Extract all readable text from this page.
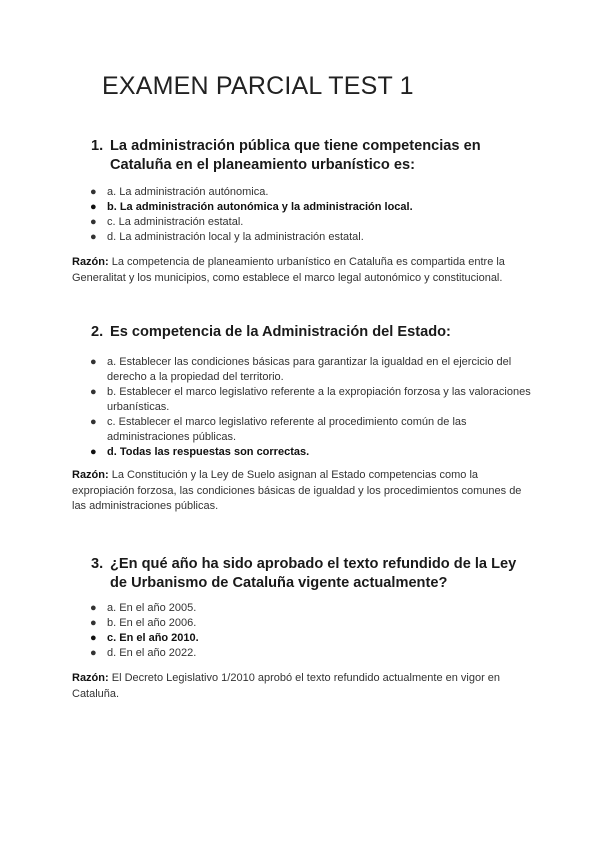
EXAMEN PARCIAL TEST 1
1. La administración pública que tiene competencias en Cataluña en el planeamiento urbanístico es:
● a. La administración autónomica.
● b. La administración autonómica y la administración local.
● c. La administración estatal.
● d. La administración local y la administración estatal.

Razón: La competencia de planeamiento urbanístico en Cataluña es compartida entre la Generalitat y los municipios, como establece el marco legal autonómico y constitucional.

2. Es competencia de la Administración del Estado:
● a. Establecer las condiciones básicas para garantizar la igualdad en el ejercicio del derecho a la propiedad del territorio.
● b. Establecer el marco legislativo referente a la expropiación forzosa y las valoraciones urbanísticas.
● c. Establecer el marco legislativo referente al procedimiento común de las administraciones públicas.
● d. Todas las respuestas son correctas.

Razón: La Constitución y la Ley de Suelo asignan al Estado competencias como la expropiación forzosa, las condiciones básicas de igualdad y los procedimientos comunes de las administraciones públicas.

3. ¿En qué año ha sido aprobado el texto refundido de la Ley de Urbanismo de Cataluña vigente actualmente?
● a. En el año 2005.
● b. En el año 2006.
● c. En el año 2010.
● d. En el año 2022.

Razón: El Decreto Legislativo 1/2010 aprobó el texto refundido actualmente en vigor en Cataluña.
